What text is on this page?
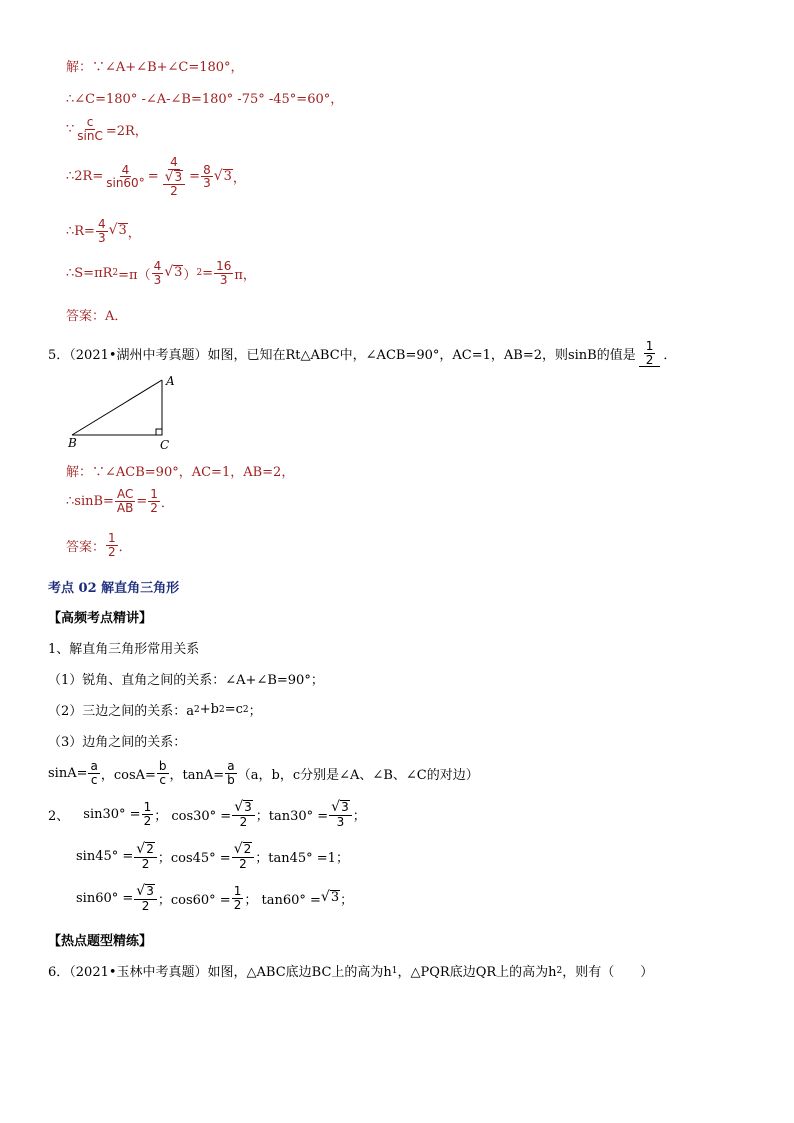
解：∵∠A+∠B+∠C=180°，
∴∠C=180° -∠A-∠B=180° -75° -45°=60°，
∵ $\frac{c}{\sin C} =2R$，
∴2R= $\frac{4}{\sin 60^\circ} = \frac{4}{\frac{√ 3}{2}} = \frac{8}{3}$ √ 3 ，
∴R= $\frac{4}{3}$ √ 3 ，
∴S=πR $2 =\pi( \frac{4}{3}$ √ 3 ） $2 = \frac{16}{3}$ π，
答案：A．
5．（2021•湖州中考真题）如图，已知在Rt△ABC中，∠ACB=90°，AC=1，AB=2，则sinB的值是 $\frac{1}{2}$ ．
A
B	C
解：∵∠ACB=90°，AC=1，AB=2，
∴sinB= $\frac{AC}{AB} = \frac{1}{2}$ ．
答案： $\frac{1}{2}$ ．
考点 02 解直角三角形
【高频考点精讲】
1、解直角三角形常用关系
（1）锐角、直角之间的关系：∠A+∠B=90°；
（2）三边之间的关系：a 2 +b 2 =c 2 ；
（3）边角之间的关系：
$\sin A= \frac{a}{c}$ ，$\cos A= \frac{b}{c}$ ，$\tan A= \frac{a}{b} (a$，b，c分别是∠A、∠B、∠C的对边）
2、 $\sin 30^\circ = \frac{1}{2}$ ； $\cos 30^\circ = \frac{√ 3}{2}$ ；$\tan 30^\circ = \frac{√ 3}{3}$ ；
$\sin 45^\circ = \frac{√ 2}{2}$ ；$\cos 45^\circ = \frac{√ 2}{2}$ ；tan45° =1；
$\sin 60^\circ = \frac{√ 3}{2}$ ；$\cos 60^\circ = \frac{1}{2}$ ； tan60° = √ 3 ；
【热点题型精练】
6．（2021•玉林中考真题）如图，△ABC底边BC上的高为h 1 ，△PQR底边QR上的高为h 2 ，则有（　　）
